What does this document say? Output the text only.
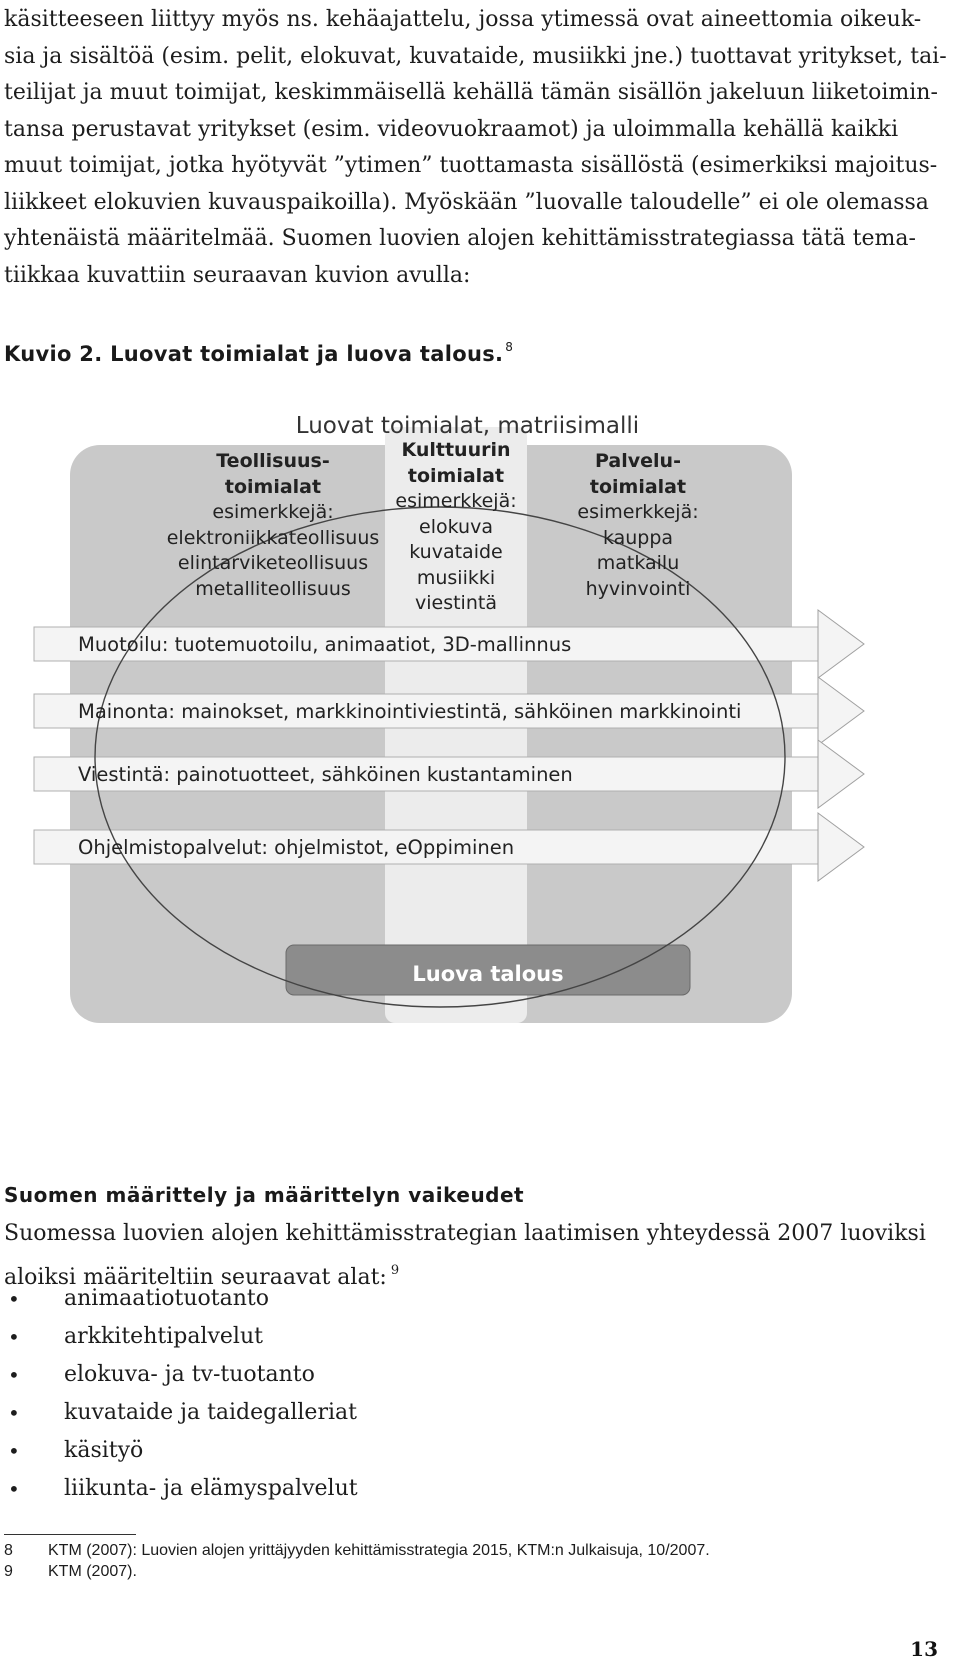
käsitteeseen liittyy myös ns. kehäajattelu, jossa ytimessä ovat aineettomia oikeuk-
sia ja sisältöä (esim. pelit, elokuvat, kuvataide, musiikki jne.) tuottavat yritykset, tai-
teilijat ja muut toimijat, keskimmäisellä kehällä tämän sisällön jakeluun liiketoimin-
tansa perustavat yritykset (esim. videovuokraamot) ja uloimmalla kehällä kaikki
muut toimijat, jotka hyötyvät ”ytimen” tuottamasta sisällöstä (esimerkiksi majoitus-
liikkeet elokuvien kuvauspaikoilla). Myöskään ”luovalle taloudelle” ei ole olemassa
yhtenäistä määritelmää. Suomen luovien alojen kehittämisstrategiassa tätä tema-
tiikkaa kuvattiin seuraavan kuvion avulla:
Kuvio 2. Luovat toimialat ja luova talous. $^8$
Luovat toimialat, matriisimalli
Teollisuus-
toimialat
esimerkkejä:
elektroniikkateollisuus
elintarviketeollisuus
metalliteollisuus
Kulttuurin
toimialat
esimerkkejä:
elokuva
kuvataide
musiikki
viestintä
Palvelu-
toimialat
esimerkkejä:
kauppa
matkailu
hyvinvointi
Muotoilu: tuotemuotoilu, animaatiot, 3D-mallinnus
Mainonta: mainokset, markkinointiviestintä, sähköinen markkinointi
Viestintä: painotuotteet, sähköinen kustantaminen
Ohjelmistopalvelut: ohjelmistot, eOppiminen
Luova talous
Suomen määrittely ja määrittelyn vaikeudet
Suomessa luovien alojen kehittämisstrategian laatimisen yhteydessä 2007 luoviksi
aloiksi määriteltiin seuraavat alat: $^9$
• animaatiotuotanto
• arkkitehtipalvelut
• elokuva- ja tv-tuotanto
• kuvataide ja taidegalleriat
• käsityö
• liikunta- ja elämyspalvelut
8 KTM (2007): Luovien alojen yrittäjyyden kehittämisstrategia 2015, KTM:n Julkaisuja, 10/2007.
9 KTM (2007).
13
